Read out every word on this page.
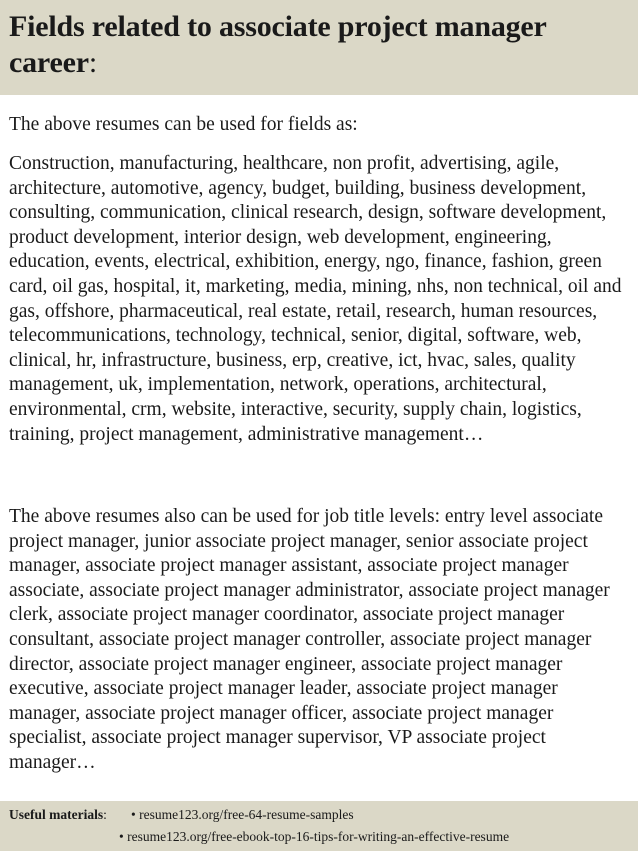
Fields related to associate project manager career:

The above resumes can be used for fields as:

Construction, manufacturing, healthcare, non profit, advertising, agile, architecture, automotive, agency, budget, building, business development, consulting, communication, clinical research, design, software development, product development, interior design, web development, engineering, education, events, electrical, exhibition, energy, ngo, finance, fashion, green card, oil gas, hospital, it, marketing, media, mining, nhs, non technical, oil and gas, offshore, pharmaceutical, real estate, retail, research, human resources, telecommunications, technology, technical, senior, digital, software, web, clinical, hr, infrastructure, business, erp, creative, ict, hvac, sales, quality management, uk, implementation, network, operations, architectural, environmental, crm, website, interactive, security, supply chain, logistics, training, project management, administrative management…

The above resumes also can be used for job title levels: entry level associate project manager, junior associate project manager, senior associate project manager, associate project manager assistant, associate project manager associate, associate project manager administrator, associate project manager clerk, associate project manager coordinator, associate project manager consultant, associate project manager controller, associate project manager director, associate project manager engineer, associate project manager executive, associate project manager leader, associate project manager manager, associate project manager officer, associate project manager specialist, associate project manager supervisor, VP associate project manager…

Useful materials: • resume123.org/free-64-resume-samples
• resume123.org/free-ebook-top-16-tips-for-writing-an-effective-resume
